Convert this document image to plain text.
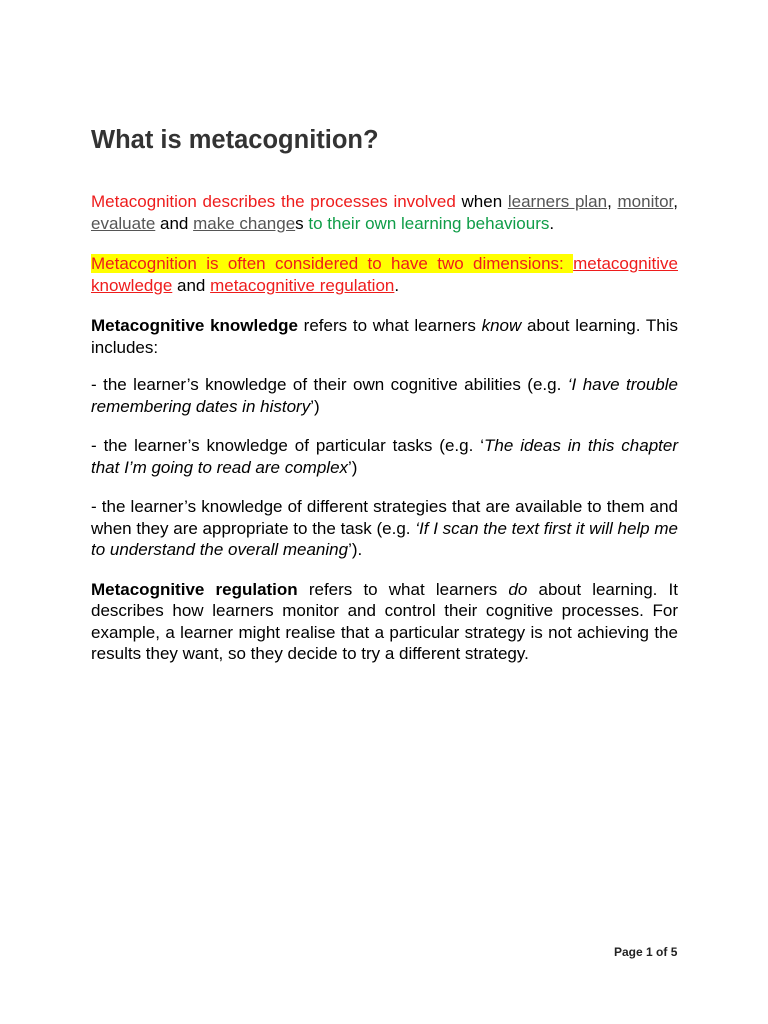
What is metacognition?

Metacognition describes the processes involved when learners plan, monitor, evaluate and make changes to their own learning behaviours.

Metacognition is often considered to have two dimensions: metacognitive knowledge and metacognitive regulation.

Metacognitive knowledge refers to what learners know about learning. This includes:

- the learner’s knowledge of their own cognitive abilities (e.g. ‘I have trouble remembering dates in history’)

- the learner’s knowledge of particular tasks (e.g. ‘The ideas in this chapter that I’m going to read are complex’)

- the learner’s knowledge of different strategies that are available to them and when they are appropriate to the task (e.g. ‘If I scan the text first it will help me to understand the overall meaning’).

Metacognitive regulation refers to what learners do about learning. It describes how learners monitor and control their cognitive processes. For example, a learner might realise that a particular strategy is not achieving the results they want, so they decide to try a different strategy.

Page 1 of 5
